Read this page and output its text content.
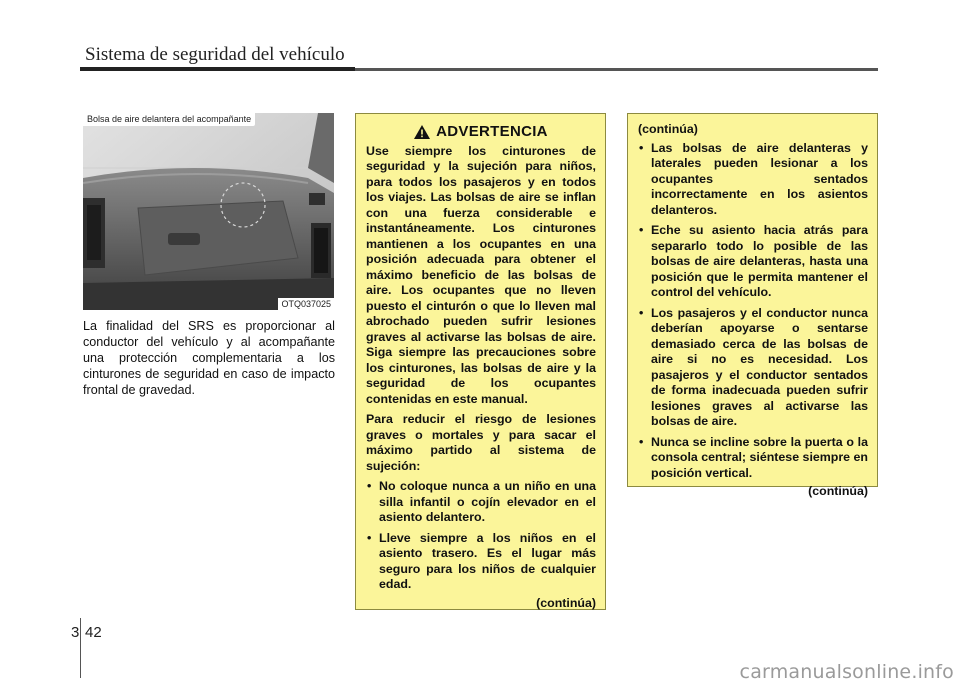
Sistema de seguridad del vehículo
Bolsa de aire delantera del acompañante
OTQ037025
La finalidad del SRS es proporcionar al conductor del vehículo y al acompañante una protección complementaria a los cinturones de seguridad en caso de impacto frontal de gravedad.
ADVERTENCIA

Use siempre los cinturones de seguridad y la sujeción para niños, para todos los pasajeros y en todos los viajes. Las bolsas de aire se inflan con una fuerza considerable e instantáneamente. Los cinturones mantienen a los ocupantes en una posición adecuada para obtener el máximo beneficio de las bolsas de aire. Los ocupantes que no lleven puesto el cinturón o que lo lleven mal abrochado pueden sufrir lesiones graves al activarse las bolsas de aire. Siga siempre las precauciones sobre los cinturones, las bolsas de aire y la seguridad de los ocupantes contenidas en este manual.

Para reducir el riesgo de lesiones graves o mortales y para sacar el máximo partido al sistema de sujeción:

• No coloque nunca a un niño en una silla infantil o cojín elevador en el asiento delantero.
• Lleve siempre a los niños en el asiento trasero. Es el lugar más seguro para los niños de cualquier edad.
(continúa)
(continúa)
• Las bolsas de aire delanteras y laterales pueden lesionar a los ocupantes sentados incorrectamente en los asientos delanteros.
• Eche su asiento hacia atrás para separarlo todo lo posible de las bolsas de aire delanteras, hasta una posición que le permita mantener el control del vehículo.
• Los pasajeros y el conductor nunca deberían apoyarse o sentarse demasiado cerca de las bolsas de aire si no es necesidad. Los pasajeros y el conductor sentados de forma inadecuada pueden sufrir lesiones graves al activarse las bolsas de aire.
• Nunca se incline sobre la puerta o la consola central; siéntese siempre en posición vertical.
(continúa)
3 42
carmanualsonline.info
